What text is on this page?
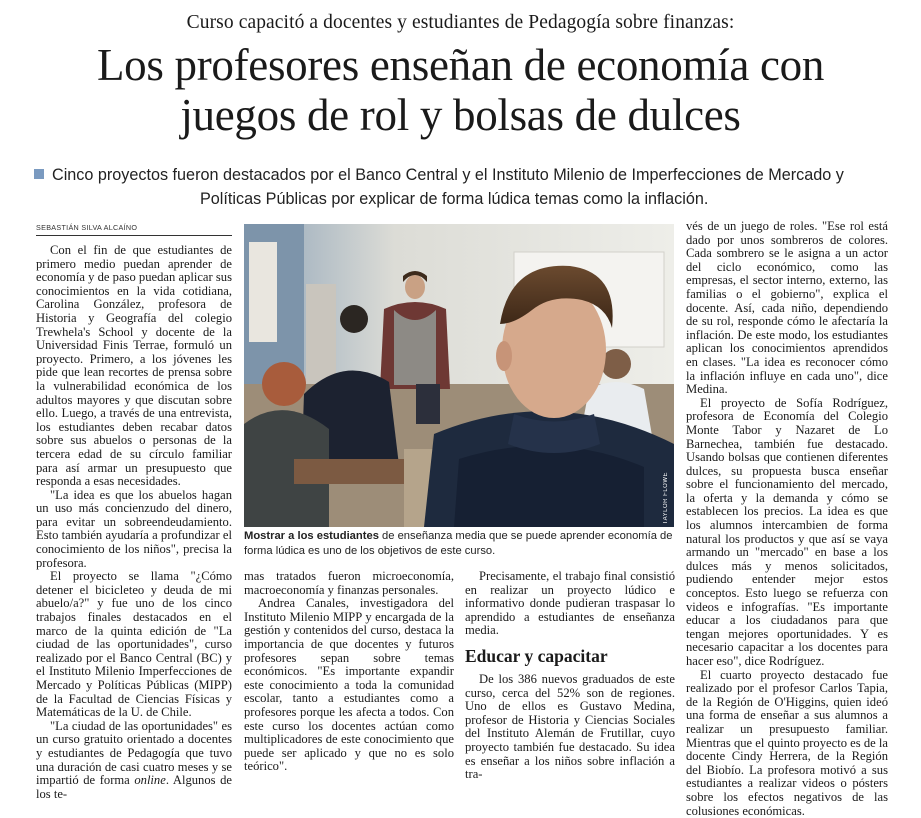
Curso capacitó a docentes y estudiantes de Pedagogía sobre finanzas:
Los profesores enseñan de economía con
juegos de rol y bolsas de dulces
Cinco proyectos fueron destacados por el Banco Central y el Instituto Milenio de Imperfecciones de Mercado y
Políticas Públicas por explicar de forma lúdica temas como la inflación.
SEBASTIÁN SILVA ALCAÍNO

Con el fin de que estudiantes de primero medio puedan aprender de economía y de paso puedan aplicar sus conocimientos en la vida cotidiana, Carolina González, profesora de Historia y Geografía del colegio Trewhela's School y docente de la Universidad Finis Terrae, formuló un proyecto. Primero, a los jóvenes les pide que lean recortes de prensa sobre la vulnerabilidad económica de los adultos mayores y que discutan sobre ello. Luego, a través de una entrevista, los estudiantes deben recabar datos sobre sus abuelos o personas de la tercera edad de su círculo familiar para así armar un presupuesto que responda a esas necesidades.

"La idea es que los abuelos hagan un uso más concienzudo del dinero, para evitar un sobreendeudamiento. Esto también ayudaría a profundizar el conocimiento de los niños", precisa la profesora.

El proyecto se llama "¿Cómo detener el bicicleteo y deuda de mi abuelo/a?" y fue uno de los cinco trabajos finales destacados en el marco de la quinta edición de "La ciudad de las oportunidades", curso realizado por el Banco Central (BC) y el Instituto Milenio Imperfecciones de Mercado y Políticas Públicas (MIPP) de la Facultad de Ciencias Físicas y Matemáticas de la U. de Chile.

"La ciudad de las oportunidades" es un curso gratuito orientado a docentes y estudiantes de Pedagogía que tuvo una duración de casi cuatro meses y se impartió de forma online. Algunos de los te-

TAYLOR FLOWE
Mostrar a los estudiantes de enseñanza media que se puede aprender economía de forma lúdica es uno de los objetivos de este curso.

mas tratados fueron microeconomía, macroeconomía y finanzas personales.

Andrea Canales, investigadora del Instituto Milenio MIPP y encargada de la gestión y contenidos del curso, destaca la importancia de que docentes y futuros profesores sepan sobre temas económicos. "Es importante expandir este conocimiento a toda la comunidad escolar, tanto a estudiantes como a profesores porque les afecta a todos. Con este curso los docentes actúan como multiplicadores de este conocimiento que puede ser aplicado y que no es solo teórico".

Precisamente, el trabajo final consistió en realizar un proyecto lúdico e informativo donde pudieran traspasar lo aprendido a estudiantes de enseñanza media.

Educar y capacitar

De los 386 nuevos graduados de este curso, cerca del 52% son de regiones. Uno de ellos es Gustavo Medina, profesor de Historia y Ciencias Sociales del Instituto Alemán de Frutillar, cuyo proyecto también fue destacado. Su idea es enseñar a los niños sobre inflación a tra-

vés de un juego de roles. "Ese rol está dado por unos sombreros de colores. Cada sombrero se le asigna a un actor del ciclo económico, como las empresas, el sector interno, externo, las familias o el gobierno", explica el docente. Así, cada niño, dependiendo de su rol, responde cómo le afectaría la inflación. De este modo, los estudiantes aplican los conocimientos aprendidos en clases. "La idea es reconocer cómo la inflación influye en cada uno", dice Medina.

El proyecto de Sofía Rodríguez, profesora de Economía del Colegio Monte Tabor y Nazaret de Lo Barnechea, también fue destacado. Usando bolsas que contienen diferentes dulces, su propuesta busca enseñar sobre el funcionamiento del mercado, la oferta y la demanda y cómo se establecen los precios. La idea es que los alumnos intercambien de forma natural los productos y que así se vaya armando un "mercado" en base a los dulces más y menos solicitados, pudiendo entender mejor estos conceptos. Esto luego se refuerza con videos e infografías. "Es importante educar a los ciudadanos para que tengan mejores oportunidades. Y es necesario capacitar a los docentes para hacer eso", dice Rodríguez.

El cuarto proyecto destacado fue realizado por el profesor Carlos Tapia, de la Región de O'Higgins, quien ideó una forma de enseñar a sus alumnos a realizar un presupuesto familiar. Mientras que el quinto proyecto es de la docente Cindy Herrera, de la Región del Biobío. La profesora motivó a sus estudiantes a realizar videos o pósters sobre los efectos negativos de las colusiones económicas.
